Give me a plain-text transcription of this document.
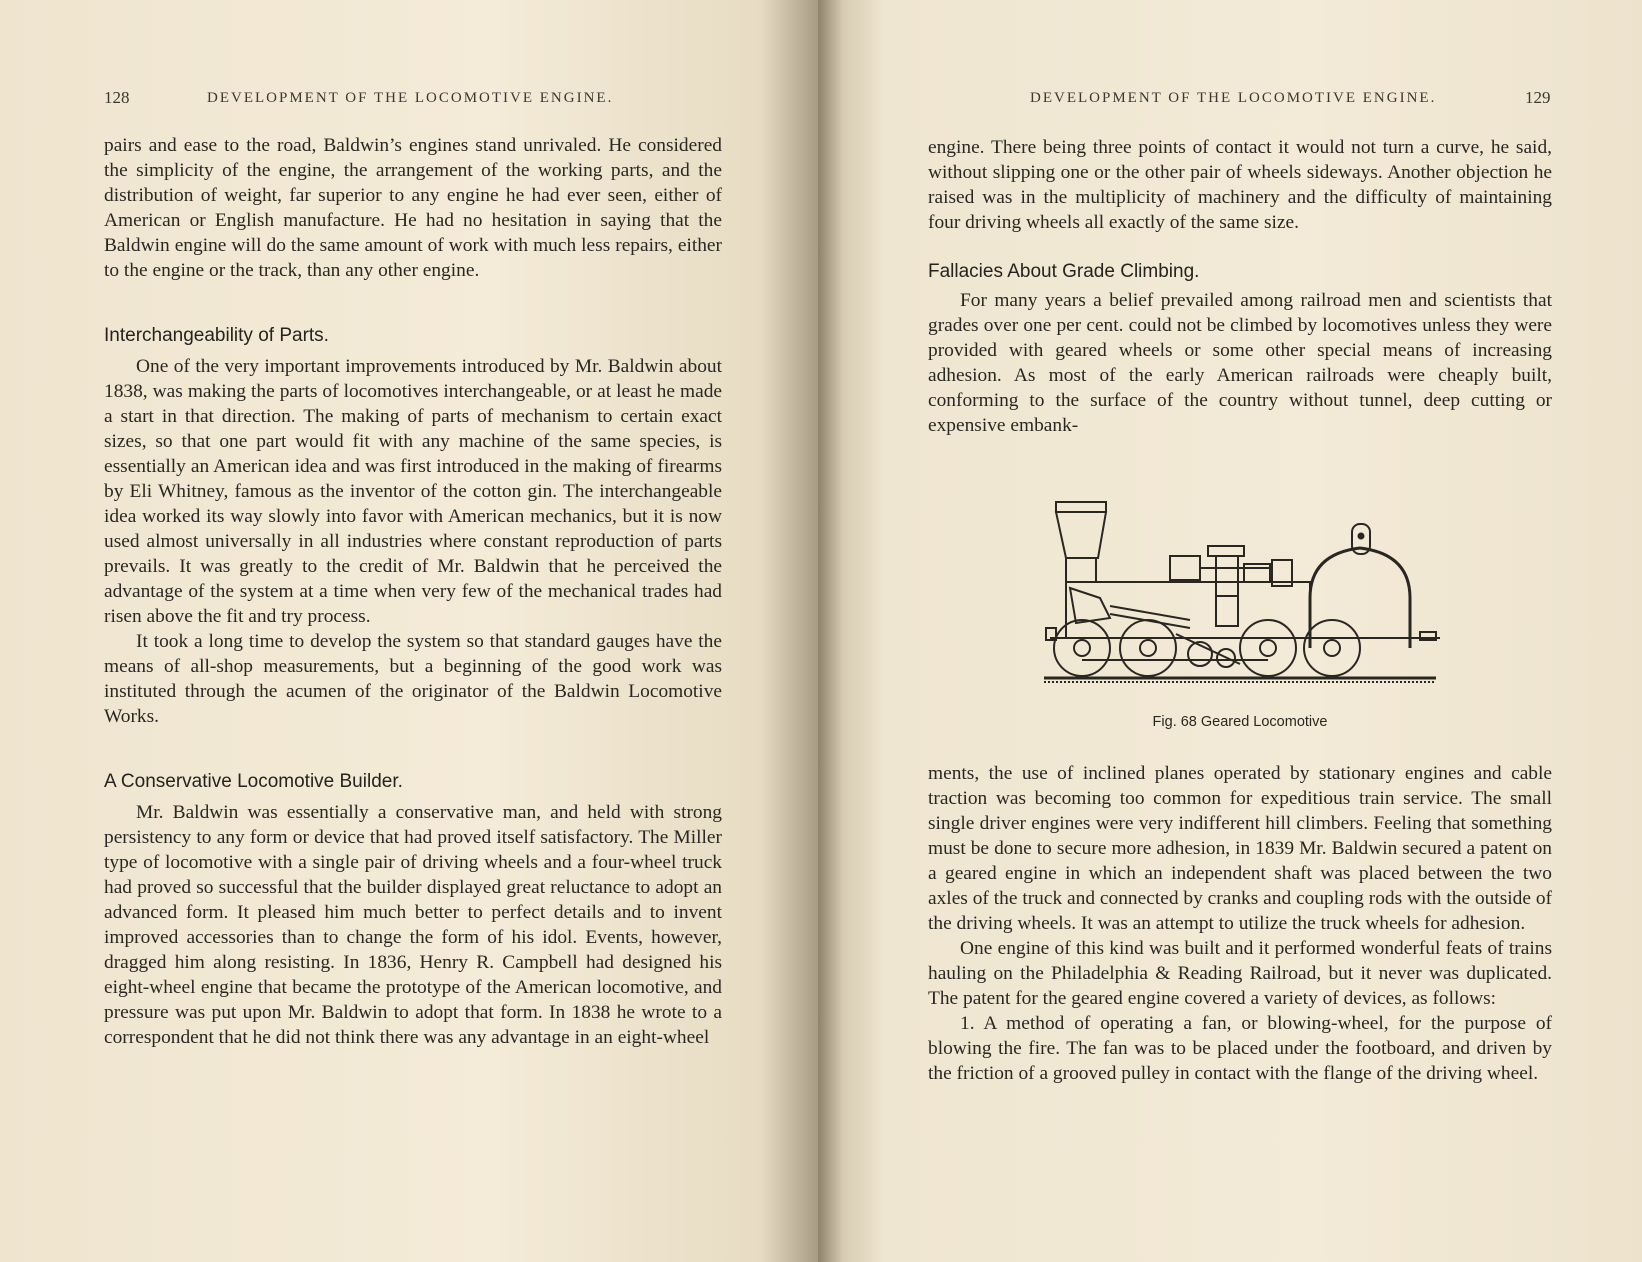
128	DEVELOPMENT OF THE LOCOMOTIVE ENGINE.

pairs and ease to the road, Baldwin’s engines stand unrivaled. He considered the simplicity of the engine, the arrangement of the working parts, and the distribution of weight, far superior to any engine he had ever seen, either of American or English manufacture. He had no hesitation in saying that the Baldwin engine will do the same amount of work with much less repairs, either to the engine or the track, than any other engine.

Interchangeability of Parts.

One of the very important improvements introduced by Mr. Baldwin about 1838, was making the parts of locomotives interchangeable, or at least he made a start in that direction. The making of parts of mechanism to certain exact sizes, so that one part would fit with any machine of the same species, is essentially an American idea and was first introduced in the making of firearms by Eli Whitney, famous as the inventor of the cotton gin. The interchangeable idea worked its way slowly into favor with American mechanics, but it is now used almost universally in all industries where constant reproduction of parts prevails. It was greatly to the credit of Mr. Baldwin that he perceived the advantage of the system at a time when very few of the mechanical trades had risen above the fit and try process.

It took a long time to develop the system so that standard gauges have the means of all-shop measurements, but a beginning of the good work was instituted through the acumen of the originator of the Baldwin Locomotive Works.

A Conservative Locomotive Builder.

Mr. Baldwin was essentially a conservative man, and held with strong persistency to any form or device that had proved itself satisfactory. The Miller type of locomotive with a single pair of driving wheels and a four-wheel truck had proved so successful that the builder displayed great reluctance to adopt an advanced form. It pleased him much better to perfect details and to invent improved accessories than to change the form of his idol. Events, however, dragged him along resisting. In 1836, Henry R. Campbell had designed his eight-wheel engine that became the prototype of the American locomotive, and pressure was put upon Mr. Baldwin to adopt that form. In 1838 he wrote to a correspondent that he did not think there was any advantage in an eight-wheel

DEVELOPMENT OF THE LOCOMOTIVE ENGINE.	129

engine. There being three points of contact it would not turn a curve, he said, without slipping one or the other pair of wheels sideways. Another objection he raised was in the multiplicity of machinery and the difficulty of maintaining four driving wheels all exactly of the same size.

Fallacies About Grade Climbing.

For many years a belief prevailed among railroad men and scientists that grades over one per cent. could not be climbed by locomotives unless they were provided with geared wheels or some other special means of increasing adhesion. As most of the early American railroads were cheaply built, conforming to the surface of the country without tunnel, deep cutting or expensive embank-

Fig. 68 Geared Locomotive

ments, the use of inclined planes operated by stationary engines and cable traction was becoming too common for expeditious train service. The small single driver engines were very indifferent hill climbers. Feeling that something must be done to secure more adhesion, in 1839 Mr. Baldwin secured a patent on a geared engine in which an independent shaft was placed between the two axles of the truck and connected by cranks and coupling rods with the outside of the driving wheels. It was an attempt to utilize the truck wheels for adhesion.

One engine of this kind was built and it performed wonderful feats of trains hauling on the Philadelphia & Reading Railroad, but it never was duplicated. The patent for the geared engine covered a variety of devices, as follows:

1. A method of operating a fan, or blowing-wheel, for the purpose of blowing the fire. The fan was to be placed under the footboard, and driven by the friction of a grooved pulley in contact with the flange of the driving wheel.
